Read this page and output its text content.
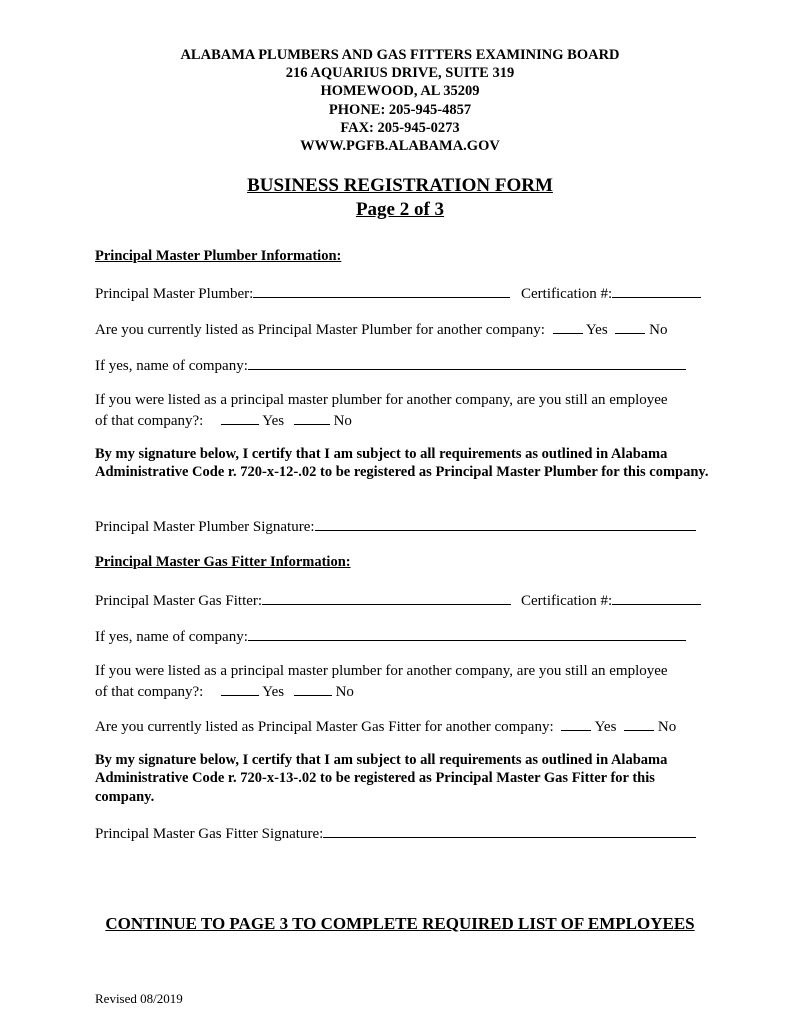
ALABAMA PLUMBERS AND GAS FITTERS EXAMINING BOARD
216 AQUARIUS DRIVE, SUITE 319
HOMEWOOD, AL 35209
PHONE: 205-945-4857
FAX: 205-945-0273
WWW.PGFB.ALABAMA.GOV
BUSINESS REGISTRATION FORM
Page 2 of 3
Principal Master Plumber Information:
Principal Master Plumber:	Certification #:
Are you currently listed as Principal Master Plumber for another company:	Yes	No
If yes, name of company:
If you were listed as a principal master plumber for another company, are you still an employee
of that company?:	Yes	No
By my signature below, I certify that I am subject to all requirements as outlined in Alabama Administrative Code r. 720-x-12-.02 to be registered as Principal Master Plumber for this company.
Principal Master Plumber Signature:
Principal Master Gas Fitter Information:
Principal Master Gas Fitter:	Certification #:
If yes, name of company:
If you were listed as a principal master plumber for another company, are you still an employee
of that company?:	Yes	No
Are you currently listed as Principal Master Gas Fitter for another company:	Yes	No
By my signature below, I certify that I am subject to all requirements as outlined in Alabama Administrative Code r. 720-x-13-.02 to be registered as Principal Master Gas Fitter for this company.
Principal Master Gas Fitter Signature:
CONTINUE TO PAGE 3 TO COMPLETE REQUIRED LIST OF EMPLOYEES
Revised 08/2019
